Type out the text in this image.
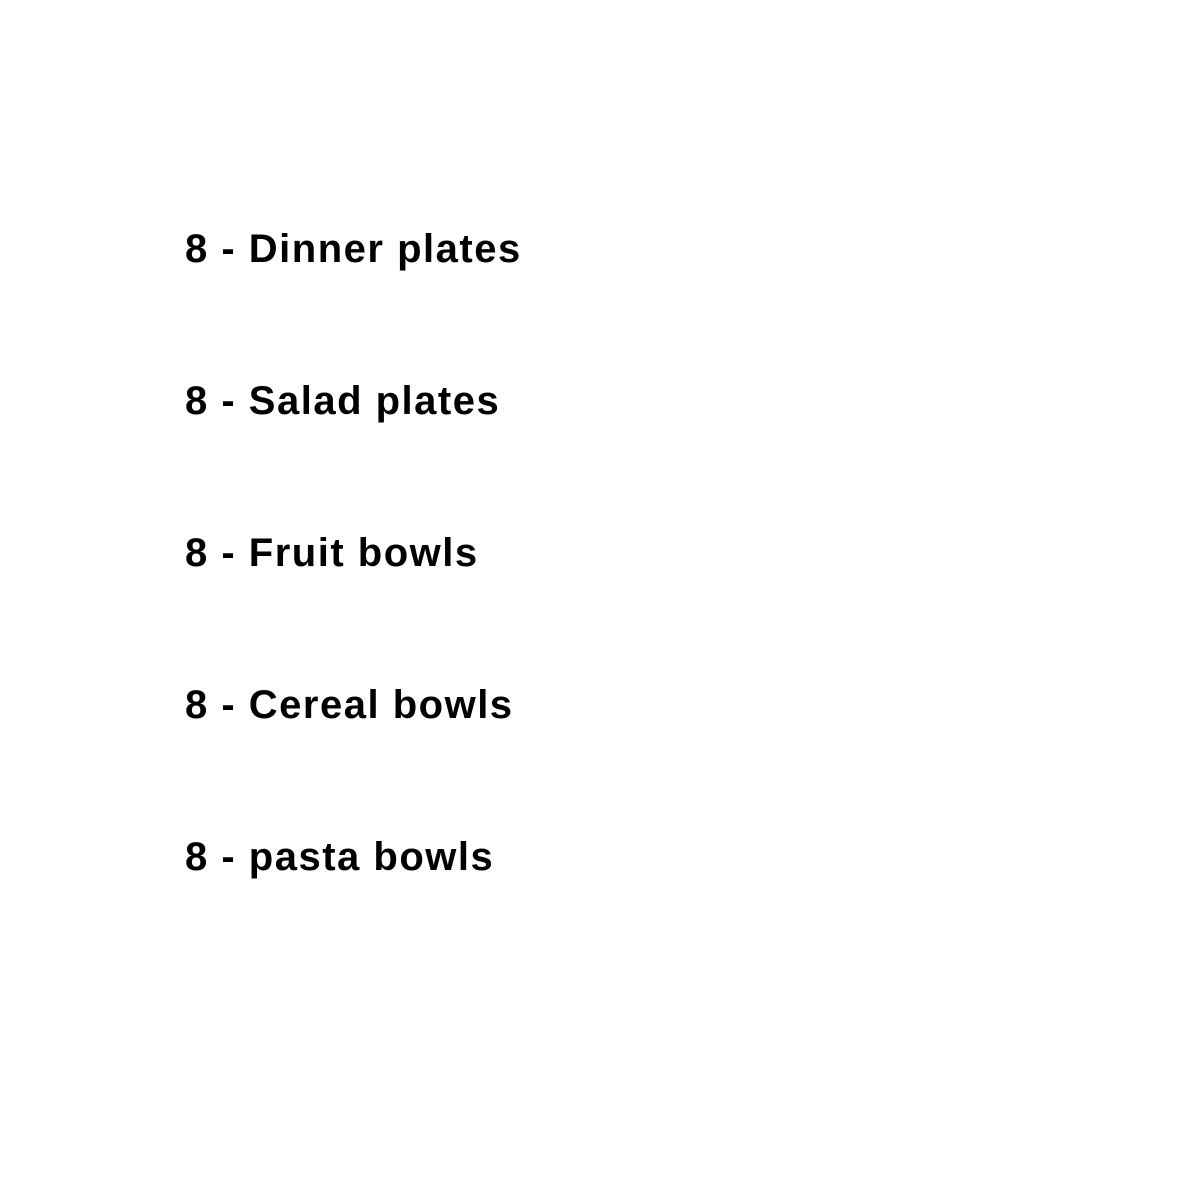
8 - Dinner plates
8 - Salad plates
8 - Fruit bowls
8 - Cereal bowls
8 - pasta bowls
